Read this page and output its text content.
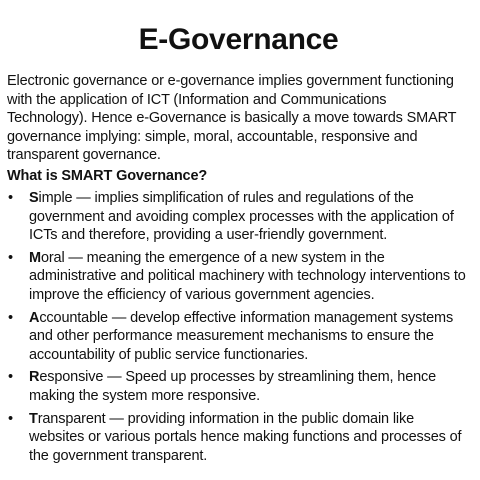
E-Governance

Electronic governance or e-governance implies government functioning with the application of ICT (Information and Communications Technology). Hence e-Governance is basically a move towards SMART governance implying: simple, moral, accountable, responsive and transparent governance.

What is SMART Governance?
• Simple — implies simplification of rules and regulations of the government and avoiding complex processes with the application of ICTs and therefore, providing a user-friendly government.
• Moral — meaning the emergence of a new system in the administrative and political machinery with technology interventions to improve the efficiency of various government agencies.
• Accountable — develop effective information management systems and other performance measurement mechanisms to ensure the accountability of public service functionaries.
• Responsive — Speed up processes by streamlining them, hence making the system more responsive.
• Transparent — providing information in the public domain like websites or various portals hence making functions and processes of the government transparent.
